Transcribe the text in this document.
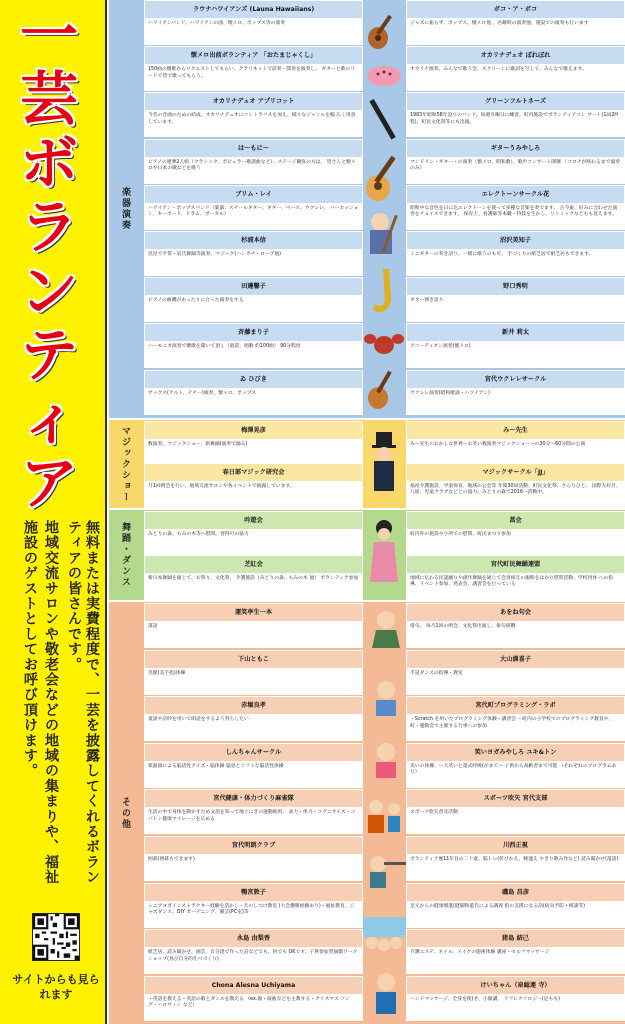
一
芸
ボ
ラ
ン
テ
ィ
ア
無料または実費程度で、一芸を披露してくれるボラン
ティアの皆さんです。
地域交流サロンや敬老会などの地域の集まりや、福祉
施設のゲストとしてお呼び頂けます。
サイトからも見られます
楽器演奏
マジックショー
舞踊・ダンス
その他
ラウナハワイアンズ (Launa Hawaiians)
ハワイアンバンド、ハワイアンの曲、懐メロ、ポップス等の演奏
ボコ・ア・ボコ
ジャズに振らず、ポップス、懐メロ他 、匹敵時の演奏他、施設での演奏も行います
懐メロ出前ボランティア 「おたまじゃくし」
150曲の懐歌からリクエストしてもらい、クラリネットで前奏・間奏を演奏し、 ギターと歌のリードで皆で歌ってもらう。
オカリナデュオ ぽれぽれ
オカリナ演奏。みんなで歌う会。スクリーンに歌詞を写して、みんなで歌えます。
オカリナデュオ アプリコット
今昔の音曲のための結成。オカリナデュオにコントラバスを加え、様々なジャンルを幅 広く用意しています。
グリーンフルトネーズ
1983年昭和58年設立のバンド。毎週月曜日に練習。町内施設でボランティアコン サート(1回2H程)、町民文化祭等にも出演。
は〜もに〜
ピアノの連弾2人組（クラシック、ポピュラー歌謡曲など）、ステージ観客の方は、 皆さんと懐メロや日本の歌などを歌う
ギターうみやしろ
マンドリン・ギター・の演奏（懐メロ、昭和歌）、歌声コンサート開催 （コロナが終わるまで演奏のみ）
ブリム・レイ
ハワイアン・ポップスバンド（楽器：スチールギター、ギター、ベース、ウクレレ、 パーカッション、キーボード、ドラム、ボーカル）
エレクトーンサークル花
昭和中な音色を日に込エレクトーンを使って多種な音楽を奏でます。 古今東、好みに合わせた演奏をチョイスできます。 保育士、看護師等本職・特技を生かし、リトミックなどもも見えます。
杉浦本信
昆昆で平常・岩氏舞踊等演奏、マジック(ハンカチ・ロープ他)
沼沢美知子
ミニギターの奏き語り。一緒に歌うのも可。 手づくりの紙芝居で紙芝居もできます。
田邊馨子
ピアノの曲磯があったりに合った演奏をする
野口秀明
ギター弾き語り
斉藤まり子
ハーモニカ演奏で懐歌を聞いて頂く（童謡、唱歌 約100曲） 90分程度
新井 莉太
アコーディオン演奏(懐メロ)
ゐ ひびき
サックス(アルト、テナー)演奏、懐メロ、ポップス
宮代ウクレレサークル
ウクレレ演奏(昭和歌謡・ハワイアン)
梅澤晃彦
数演奏、マジックショー、新舞踊(演奏で踊る)
み〜先生
み〜先生のおかしな世界〜お笑い数演奏マジックショー〜の30分〜60分間の公演
春日部マジック研究会
月1回例会を行い、地域交流サロンや各イベントで披露しています。
マジックサークル「JJ」
福祉介護施設、学童保育、地域の公会等 年間30回活動、町民文化祭、さらりひと、 国際友好目、八屋、児童クラブなどとの協力。みどりの森で2016〜活動中。
吟遊会
みどりの森、もみの木等へ慰問。習得可の協力
菖会
町内外の施設や小所での慰問、町民まつり参加
芝紅会
新日本舞踊を通じて、お祭り、文化祭、 介護施設（みどりの森、もみの木 他） ボランティア参加
宮代町民舞踊連盟
地域に伝わる民謡踊りや創作舞踊を通じて会員相互の親睦をはかり慰問活動、学校団体 への指導、イベント参加、発表会、講習会を行っている
運笑亭生一本
落語
あをね句会
俳句。 毎月1回の例会、文化祭出演し、俳句研鑽
下山ともこ
笑顔(美手指)体操
大山満喜子
手話ダンスの指導・教室
赤堀良孝
童謡や詩吟を用いて朗読をするよう努ちしたい
宮代町プログラミング・ラボ
・Scratch を用いたプログラミング体験・講習会 ・町内の小学校でのプログラミング教育や、 町・運動会で主催する行事への参加
しんちゃんサークル
楽器演による脳活性クイズ・脳体操 脳登とソフトな脳活性体操
笑いヨガみやしろ ユキ&トン
笑いの体操、〜大笑いと童式呼吸(がまて〜 子供から高齢者まで可能 （それぞれのプログラムあり）
宮代健康・体力づくり麻雀隊
生活の中で身体を動かすため文語を知って地ぐにぎの運動助用、 東力・体力・コグニサイズ・コバトン健康マイレージを広める
スポーツ吹矢 宮代支部
スポーツ吹矢普及活動
宮代明朗クラブ
囲碁(囲碁もできます)
川西正視
ボランティア歴11年目の二十歳、脳トレ(折びかえ、腕運え やきり歌み作など) 読み聞かせ(落語)
鴨宮敦子
シニアヨガインストラクター経験を活かし・犬のしつけ教室 (大会優勝経験あり)・福祉教育、ジャズダンス、DIY ガーデニング、園芸(PC室)等
磯島 昌彦
足元からの健康増進(健脚和遊氏による講義 指の支援になる話(病気予防・相談等)
永島 由梨香
紙芝居、読み聞かせ、園芸、自分達で作った詩などでも。何でも OKです。子供参加型演劇ワークショップ(鳥び自分的仕べづくり)
猪島 結己
介護エステ、ネイル、メイクの施術体験 講座・セルフマッサージ
Chona Alesna Uchiyama
・英語を教える・英語の歌とダンスを教える （ex.親・叙曲などを主教する・クリスマス ソング・ハロウィン など）
けいちゃん（泉総連 寺）
ハンドマッサージ、全身を使(せ、小顔講、 リフレクソロジー(足もも)
